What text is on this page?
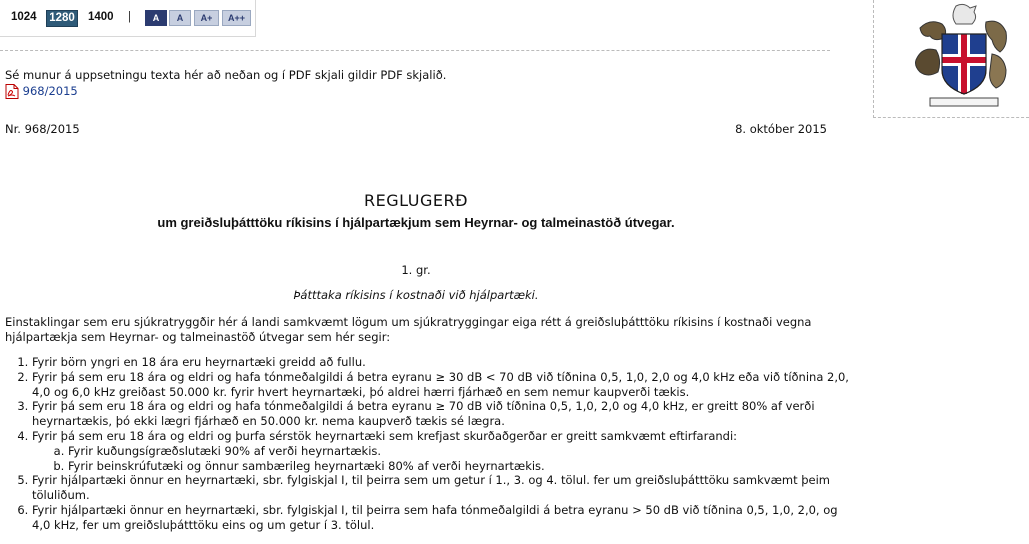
1024 1280 1400 |	A	A	A+	A++
Sé munur á uppsetningu texta hér að neðan og í PDF skjali gildir PDF skjalið.
968/2015
Nr. 968/2015	8. október 2015
REGLUGERÐ
um greiðsluþátttöku ríkisins í hjálpartækjum sem Heyrnar- og talmeinastöð útvegar.
1. gr.
Þátttaka ríkisins í kostnaði við hjálpartæki.
Einstaklingar sem eru sjúkratryggðir hér á landi samkvæmt lögum um sjúkratryggingar eiga rétt á greiðsluþátttöku ríkisins í kostnaði vegna hjálpartækja sem Heyrnar- og talmeinastöð útvegar sem hér segir:
1. Fyrir börn yngri en 18 ára eru heyrnartæki greidd að fullu.
2. Fyrir þá sem eru 18 ára og eldri og hafa tónmeðalgildi á betra eyranu ≥ 30 dB < 70 dB við tíðnina 0,5, 1,0, 2,0 og 4,0 kHz eða við tíðnina 2,0, 4,0 og 6,0 kHz greiðast 50.000 kr. fyrir hvert heyrnartæki, þó aldrei hærri fjárhæð en sem nemur kaupverði tækis.
3. Fyrir þá sem eru 18 ára og eldri og hafa tónmeðalgildi á betra eyranu ≥ 70 dB við tíðnina 0,5, 1,0, 2,0 og 4,0 kHz, er greitt 80% af verði heyrnartækis, þó ekki lægri fjárhæð en 50.000 kr. nema kaupverð tækis sé lægra.
4. Fyrir þá sem eru 18 ára og eldri og þurfa sérstök heyrnartæki sem krefjast skurðaðgerðar er greitt samkvæmt eftirfarandi:
a. Fyrir kuðungsígræðslutæki 90% af verði heyrnartækis.
b. Fyrir beinskrúfutæki og önnur sambærileg heyrnartæki 80% af verði heyrnartækis.
5. Fyrir hjálpartæki önnur en heyrnartæki, sbr. fylgiskjal I, til þeirra sem um getur í 1., 3. og 4. tölul. fer um greiðsluþátttöku samkvæmt þeim töluliðum.
6. Fyrir hjálpartæki önnur en heyrnartæki, sbr. fylgiskjal I, til þeirra sem hafa tónmeðalgildi á betra eyranu > 50 dB við tíðnina 0,5, 1,0, 2,0, og 4,0 kHz, fer um greiðsluþátttöku eins og um getur í 3. tölul.
